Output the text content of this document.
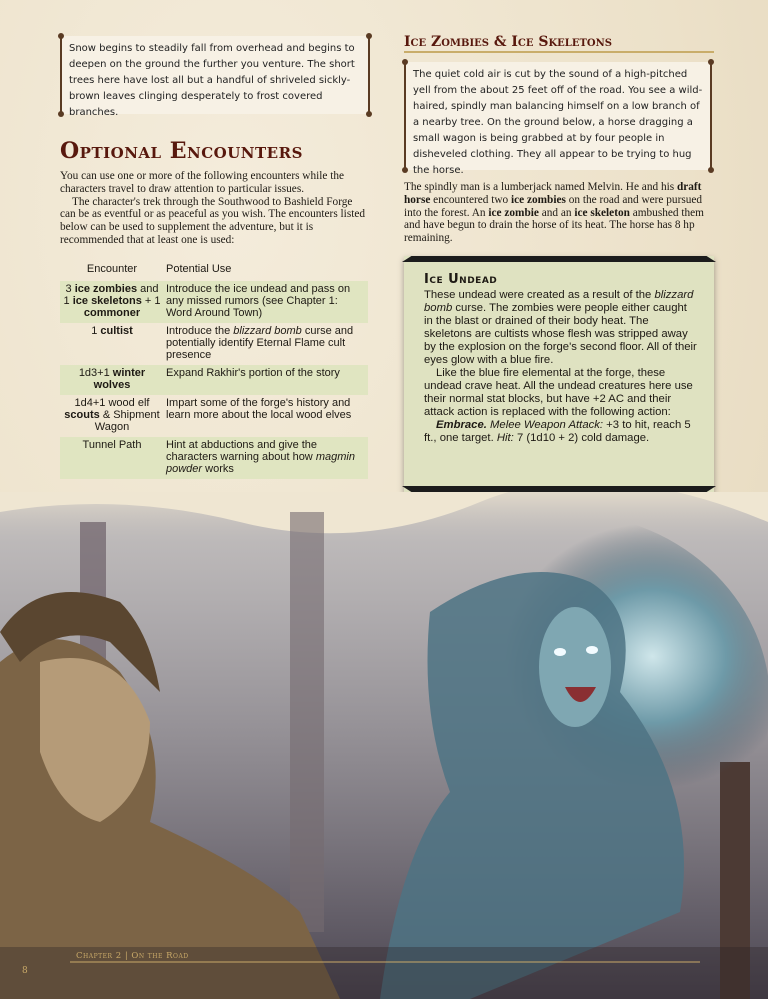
Snow begins to steadily fall from overhead and begins to deepen on the ground the further you venture. The short trees here have lost all but a handful of shriveled sickly-brown leaves clinging desperately to frost covered branches.
Optional Encounters

You can use one or more of the following encounters while the characters travel to draw attention to particular issues.

The character's trek through the Southwood to Bashield Forge can be as eventful or as peaceful as you wish. The encounters listed below can be used to supplement the adventure, but it is recommended that at least one is used:

Encounter	Potential Use
3 ice zombies and 1 ice skeletons + 1 commoner	Introduce the ice undead and pass on any missed rumors (see Chapter 1: Word Around Town)
1 cultist	Introduce the blizzard bomb curse and potentially identify Eternal Flame cult presence
1d3+1 winter wolves	Expand Rakhir's portion of the story
1d4+1 wood elf scouts & Shipment Wagon	Impart some of the forge's history and learn more about the local wood elves
Tunnel Path	Hint at abductions and give the characters warning about how magmin powder works
Ice Zombies & Ice Skeletons
The quiet cold air is cut by the sound of a high-pitched yell from the about 25 feet off of the road. You see a wild-haired, spindly man balancing himself on a low branch of a nearby tree. On the ground below, a horse dragging a small wagon is being grabbed at by four people in disheveled clothing. They all appear to be trying to hug the horse.

The spindly man is a lumberjack named Melvin. He and his draft horse encountered two ice zombies on the road and were pursued into the forest. An ice zombie and an ice skeleton ambushed them and have begun to drain the horse of its heat. The horse has 8 hp remaining.

Ice Undead

These undead were created as a result of the blizzard bomb curse. The zombies were people either caught in the blast or drained of their body heat. The skeletons are cultists whose flesh was stripped away by the explosion on the forge's second floor. All of their eyes glow with a blue fire.

Like the blue fire elemental at the forge, these undead crave heat. All the undead creatures here use their normal stat blocks, but have +2 AC and their attack action is replaced with the following action:

Embrace. Melee Weapon Attack: +3 to hit, reach 5 ft., one target. Hit: 7 (1d10 + 2) cold damage.

Chapter 2 | On the Road
8
